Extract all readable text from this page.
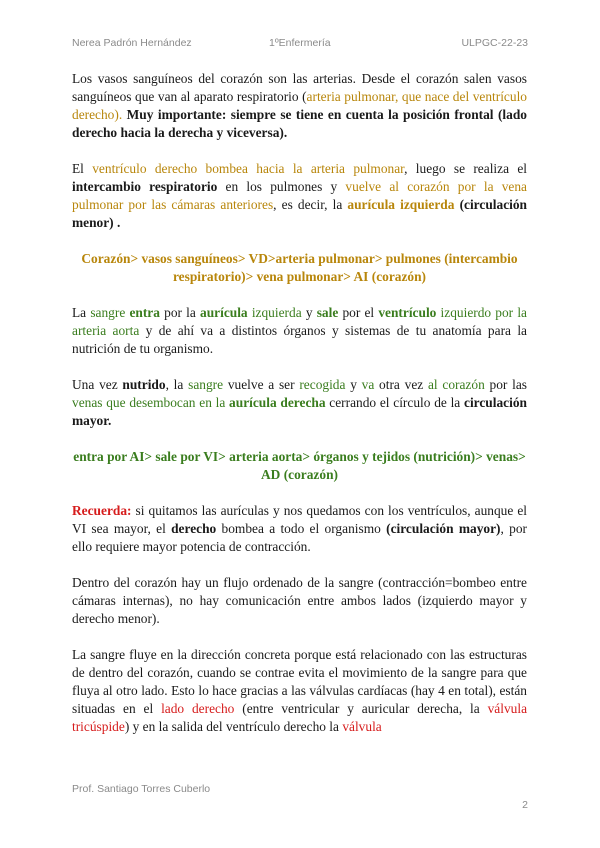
Nerea Padrón Hernández	1ºEnfermería	ULPGC-22-23

Los vasos sanguíneos del corazón son las arterias. Desde el corazón salen vasos sanguíneos que van al aparato respiratorio (arteria pulmonar, que nace del ventrículo derecho). Muy importante: siempre se tiene en cuenta la posición frontal (lado derecho hacia la derecha y viceversa).

El ventrículo derecho bombea hacia la arteria pulmonar, luego se realiza el intercambio respiratorio en los pulmones y vuelve al corazón por la vena pulmonar por las cámaras anteriores, es decir, la aurícula izquierda (circulación menor) .

Corazón> vasos sanguíneos> VD>arteria pulmonar> pulmones (intercambio respiratorio)> vena pulmonar> AI (corazón)

La sangre entra por la aurícula izquierda y sale por el ventrículo izquierdo por la arteria aorta y de ahí va a distintos órganos y sistemas de tu anatomía para la nutrición de tu organismo.

Una vez nutrido, la sangre vuelve a ser recogida y va otra vez al corazón por las venas que desembocan en la aurícula derecha cerrando el círculo de la circulación mayor.

entra por AI> sale por VI> arteria aorta> órganos y tejidos (nutrición)> venas> AD (corazón)

Recuerda: si quitamos las aurículas y nos quedamos con los ventrículos, aunque el VI sea mayor, el derecho bombea a todo el organismo (circulación mayor), por ello requiere mayor potencia de contracción.

Dentro del corazón hay un flujo ordenado de la sangre (contracción=bombeo entre cámaras internas), no hay comunicación entre ambos lados (izquierdo mayor y derecho menor).

La sangre fluye en la dirección concreta porque está relacionado con las estructuras de dentro del corazón, cuando se contrae evita el movimiento de la sangre para que fluya al otro lado. Esto lo hace gracias a las válvulas cardíacas (hay 4 en total), están situadas en el lado derecho (entre ventricular y auricular derecha, la válvula tricúspide) y en la salida del ventrículo derecho la válvula

Prof. Santiago Torres Cuberlo
2
